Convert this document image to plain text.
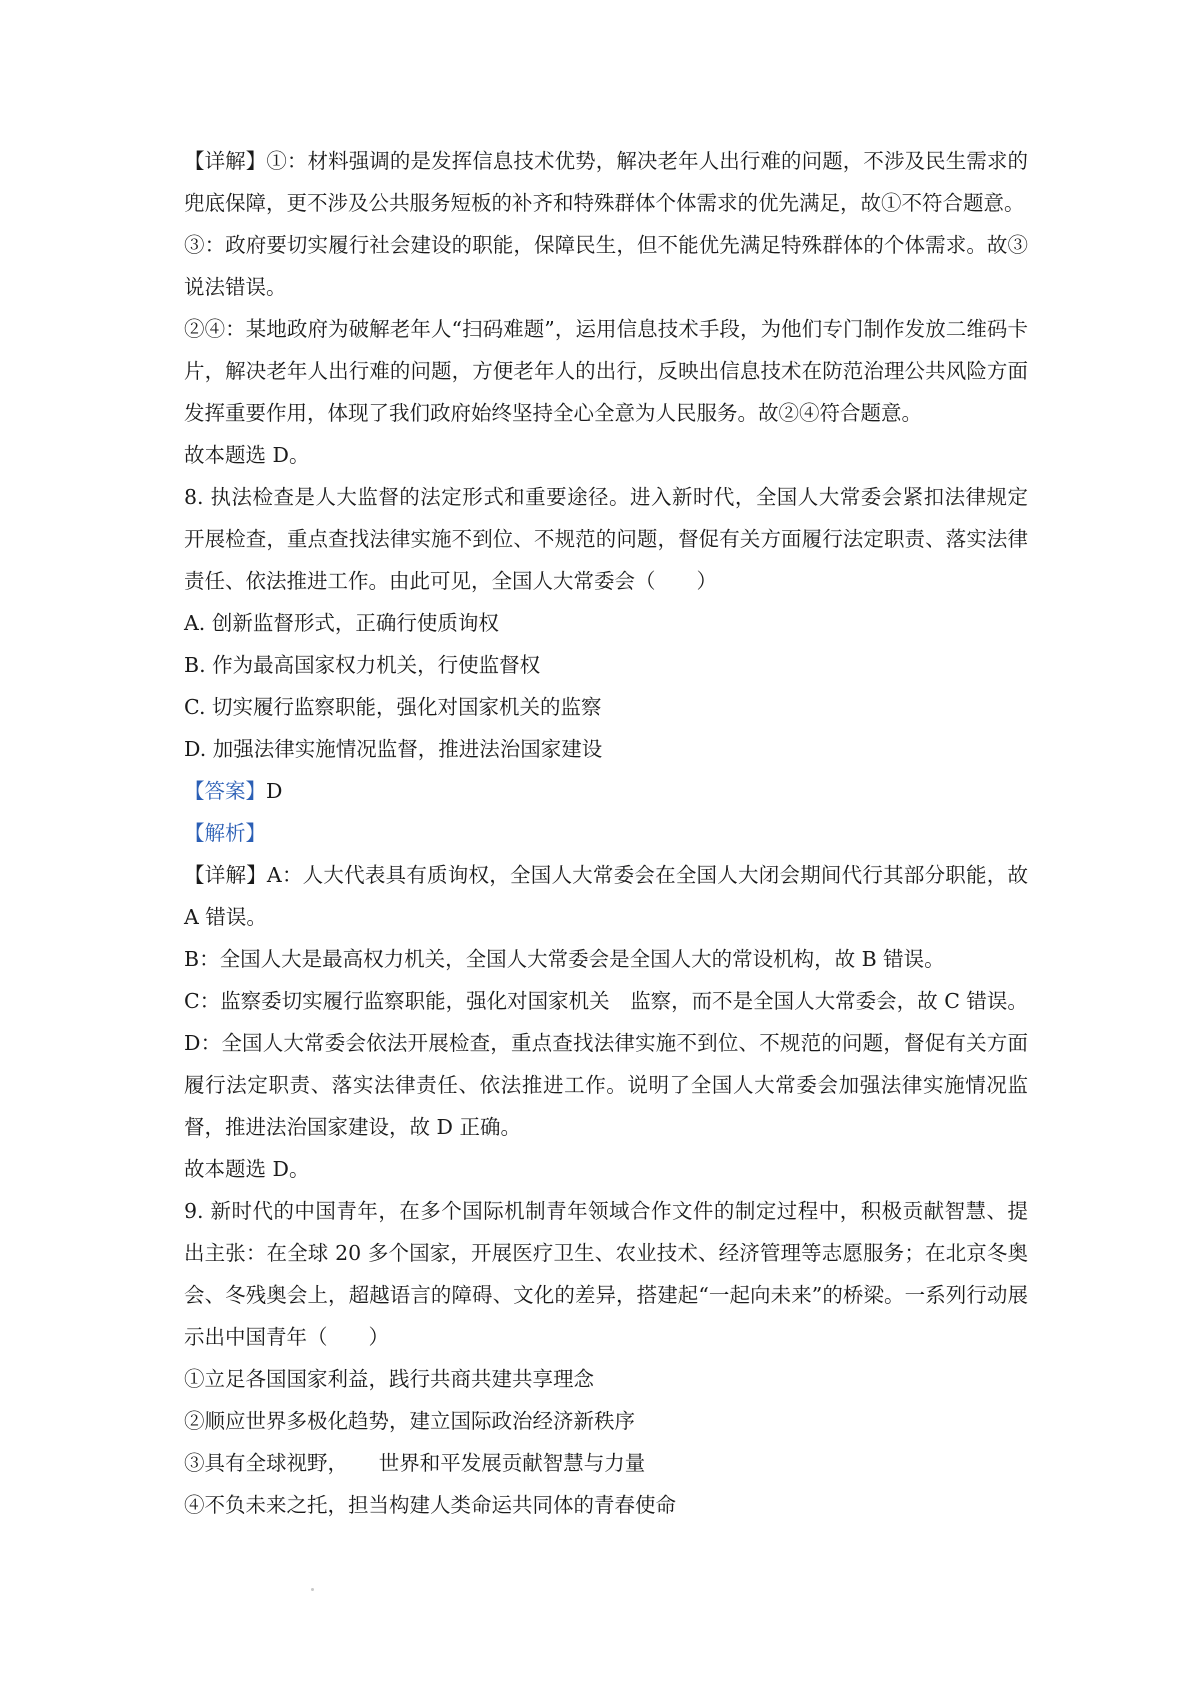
【详解】①：材料强调的是发挥信息技术优势，解决老年人出行难的问题，不涉及民生需求的兜底保障，更不涉及公共服务短板的补齐和特殊群体个体需求的优先满足，故①不符合题意。

③：政府要切实履行社会建设的职能，保障民生，但不能优先满足特殊群体的个体需求。故③说法错误。

②④：某地政府为破解老年人“扫码难题”，运用信息技术手段，为他们专门制作发放二维码卡片，解决老年人出行难的问题，方便老年人的出行，反映出信息技术在防范治理公共风险方面发挥重要作用，体现了我们政府始终坚持全心全意为人民服务。故②④符合题意。

故本题选 D。

8. 执法检查是人大监督的法定形式和重要途径。进入新时代，全国人大常委会紧扣法律规定开展检查，重点查找法律实施不到位、不规范的问题，督促有关方面履行法定职责、落实法律责任、依法推进工作。由此可见，全国人大常委会（　　）

A. 创新监督形式，正确行使质询权

B. 作为最高国家权力机关，行使监督权

C. 切实履行监察职能，强化对国家机关的监察

D. 加强法律实施情况监督，推进法治国家建设

【答案】D

【解析】

【详解】A：人大代表具有质询权，全国人大常委会在全国人大闭会期间代行其部分职能，故 A 错误。

B：全国人大是最高权力机关，全国人大常委会是全国人大的常设机构，故 B 错误。

C：监察委切实履行监察职能，强化对国家机关　监察，而不是全国人大常委会，故 C 错误。

D：全国人大常委会依法开展检查，重点查找法律实施不到位、不规范的问题，督促有关方面履行法定职责、落实法律责任、依法推进工作。说明了全国人大常委会加强法律实施情况监督，推进法治国家建设，故 D 正确。

故本题选 D。

9. 新时代的中国青年，在多个国际机制青年领域合作文件的制定过程中，积极贡献智慧、提出主张：在全球 20 多个国家，开展医疗卫生、农业技术、经济管理等志愿服务；在北京冬奥会、冬残奥会上，超越语言的障碍、文化的差异，搭建起“一起向未来”的桥梁。一系列行动展示出中国青年（　　）

①立足各国国家利益，践行共商共建共享理念

②顺应世界多极化趋势，建立国际政治经济新秩序

③具有全球视野，　　世界和平发展贡献智慧与力量

④不负未来之托，担当构建人类命运共同体的青春使命
